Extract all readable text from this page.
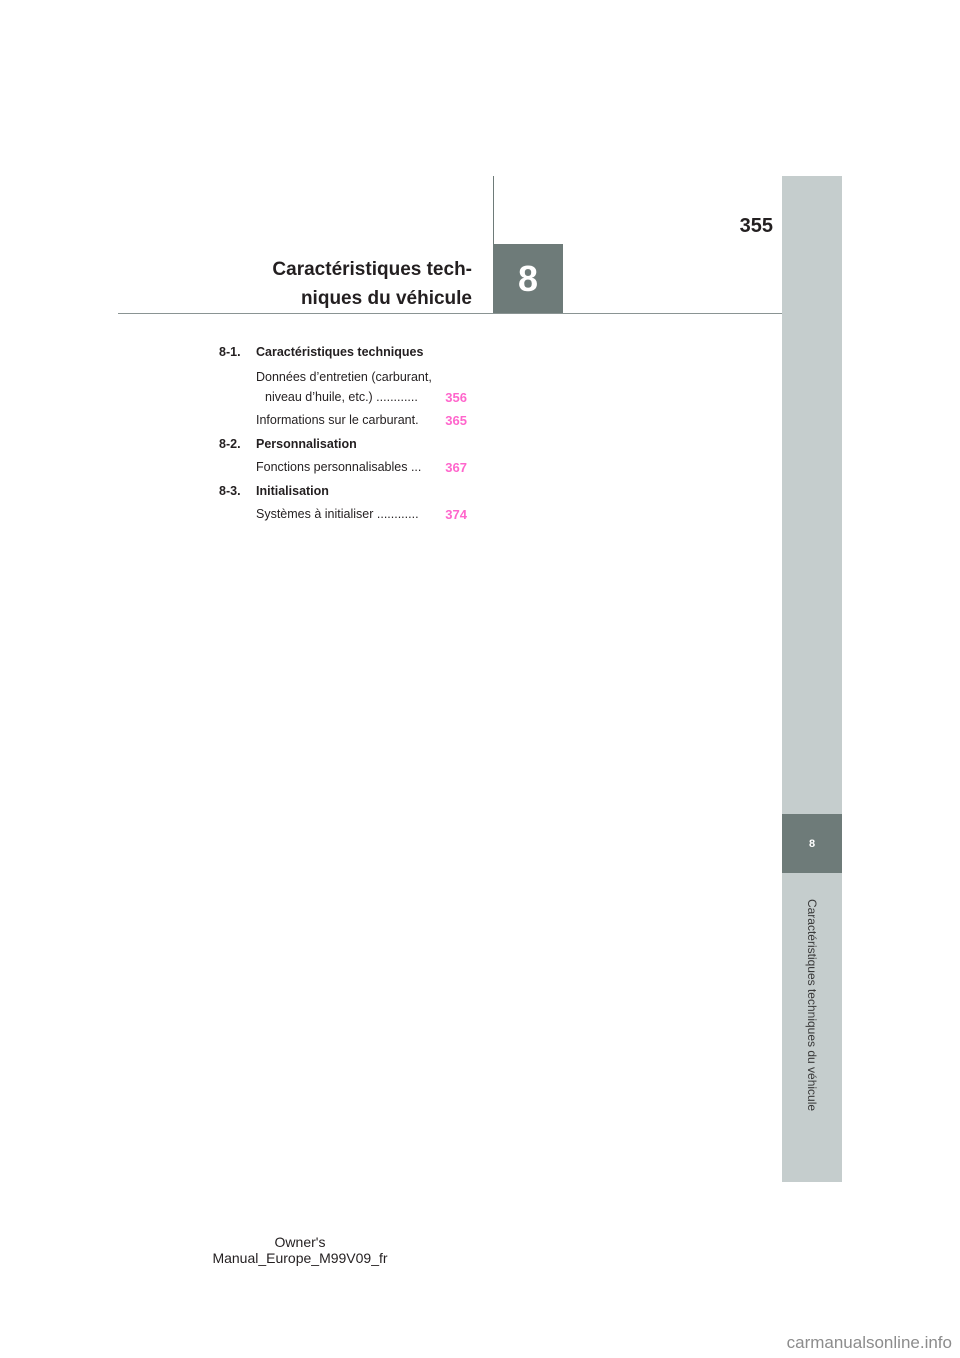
8
Caractéristiques techniques du véhicule
355
8
Caractéristiques tech-
niques du véhicule
8-1. Caractéristiques techniques
Données d’entretien (carburant,
niveau d’huile, etc.) ............ 356
Informations sur le carburant. 365
8-2. Personnalisation
Fonctions personnalisables ... 367
8-3. Initialisation
Systèmes à initialiser ............ 374
Owner's Manual_Europe_M99V09_fr
carmanualsonline.info
